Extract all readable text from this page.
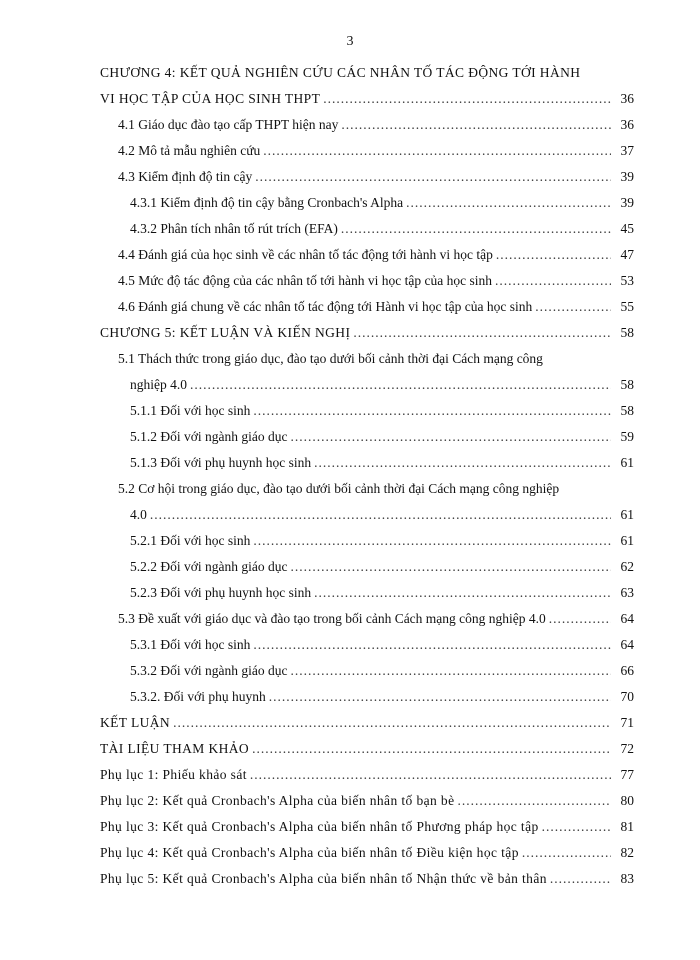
3
CHƯƠNG 4: KẾT QUẢ NGHIÊN CỨU CÁC NHÂN TỐ TÁC ĐỘNG TỚI HÀNH
VI HỌC TẬP CỦA HỌC SINH THPT .....	36
4.1 Giáo dục đào tạo cấp THPT hiện nay .....	36
4.2 Mô tả mẫu nghiên cứu .....	37
4.3 Kiểm định độ tin cậy .....	39
4.3.1 Kiểm định độ tin cậy bằng Cronbach's Alpha .....	39
4.3.2 Phân tích nhân tố rút trích (EFA) .....	45
4.4 Đánh giá của học sinh về các nhân tố tác động tới hành vi học tập .....	47
4.5 Mức độ tác động của các nhân tố tới hành vi học tập của học sinh .....	53
4.6 Đánh giá chung về các nhân tố tác động tới Hành vi học tập của học sinh .....	55
CHƯƠNG 5: KẾT LUẬN VÀ KIẾN NGHỊ .....	58
5.1 Thách thức trong giáo dục, đào tạo dưới bối cảnh thời đại Cách mạng công
nghiệp 4.0 .....	58
5.1.1 Đối với học sinh .....	58
5.1.2 Đối với ngành giáo dục .....	59
5.1.3 Đối với phụ huynh học sinh .....	61
5.2 Cơ hội trong giáo dục, đào tạo dưới bối cảnh thời đại Cách mạng công nghiệp
4.0 .....	61
5.2.1 Đối với học sinh .....	61
5.2.2 Đối với ngành giáo dục .....	62
5.2.3 Đối với phụ huynh học sinh .....	63
5.3 Đề xuất với giáo dục và đào tạo trong bối cảnh Cách mạng công nghiệp 4.0 .....	64
5.3.1 Đối với học sinh .....	64
5.3.2 Đối với ngành giáo dục .....	66
5.3.2. Đối với phụ huynh .....	70
KẾT LUẬN .....	71
TÀI LIỆU THAM KHẢO .....	72
Phụ lục 1: Phiếu khảo sát .....	77
Phụ lục 2: Kết quả Cronbach's Alpha của biến nhân tố bạn bè .....	80
Phụ lục 3: Kết quả Cronbach's Alpha của biến nhân tố Phương pháp học tập .....	81
Phụ lục 4: Kết quả Cronbach's Alpha của biến nhân tố Điều kiện học tập .....	82
Phụ lục 5: Kết quả Cronbach's Alpha của biến nhân tố Nhận thức về bản thân .....	83
